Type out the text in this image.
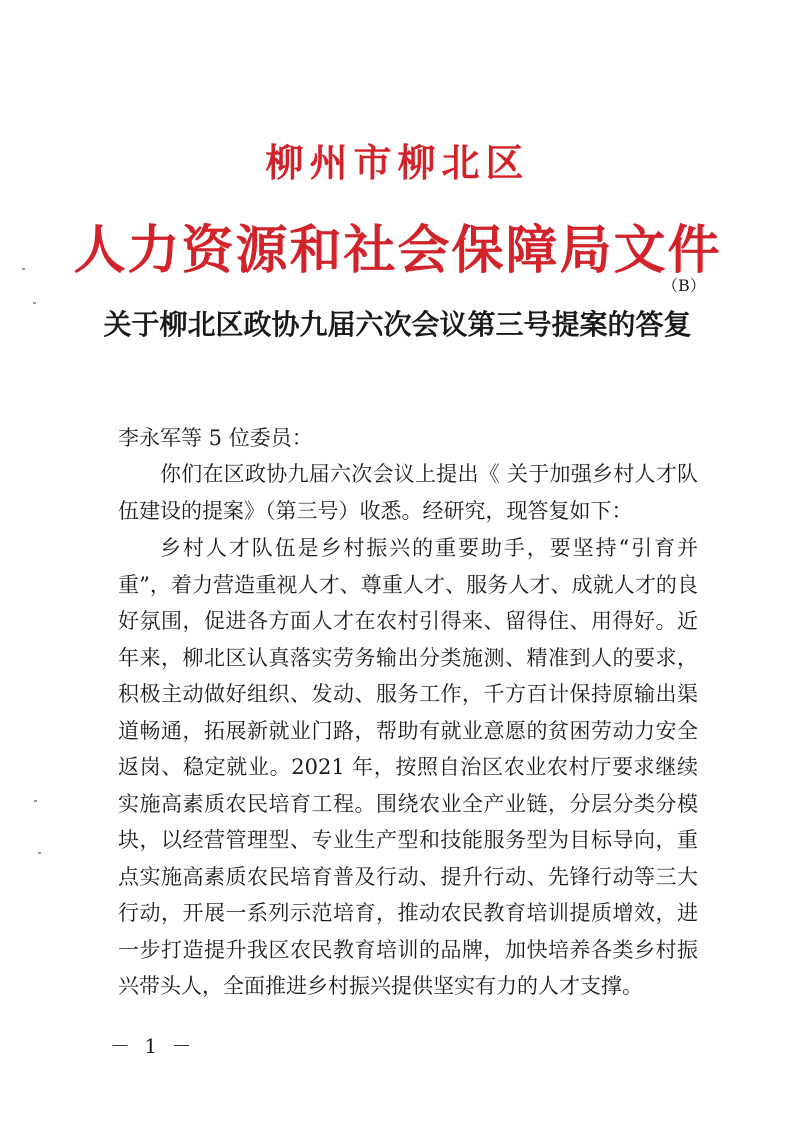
柳州市柳北区
人力资源和社会保障局文件
（B）
关于柳北区政协九届六次会议第三号提案的答复
李永军等 5 位委员：

你们在区政协九届六次会议上提出《 关于加强乡村人才队伍建设的提案》（第三号）收悉。经研究，现答复如下：

乡村人才队伍是乡村振兴的重要助手，要坚持“引育并重”，着力营造重视人才、尊重人才、服务人才、成就人才的良好氛围，促进各方面人才在农村引得来、留得住、用得好。近年来，柳北区认真落实劳务输出分类施测、精准到人的要求，积极主动做好组织、发动、服务工作，千方百计保持原输出渠道畅通，拓展新就业门路，帮助有就业意愿的贫困劳动力安全返岗、稳定就业。2021 年，按照自治区农业农村厅要求继续实施高素质农民培育工程。围绕农业全产业链，分层分类分模块，以经营管理型、专业生产型和技能服务型为目标导向，重点实施高素质农民培育普及行动、提升行动、先锋行动等三大行动，开展一系列示范培育，推动农民教育培训提质增效，进一步打造提升我区农民教育培训的品牌，加快培养各类乡村振兴带头人，全面推进乡村振兴提供坚实有力的人才支撑。

－ 1 －
